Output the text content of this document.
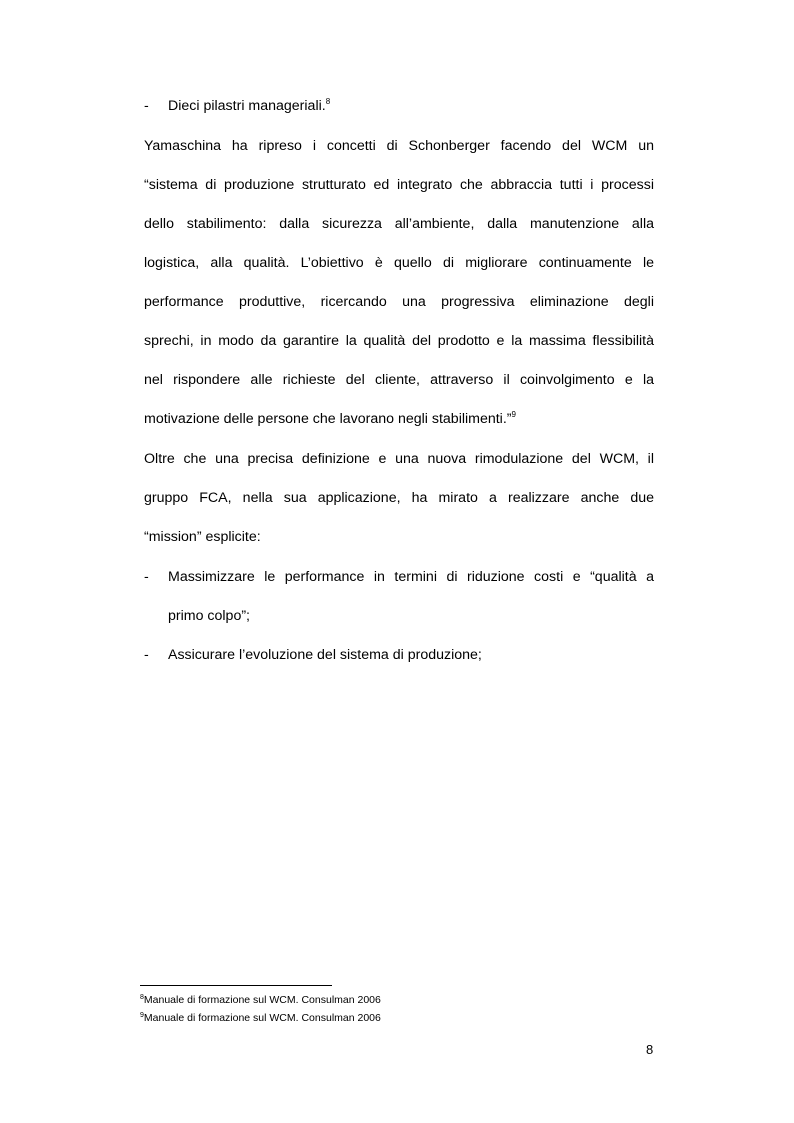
- Dieci pilastri manageriali.$^8$
Yamaschina ha ripreso i concetti di Schonberger facendo del WCM un
“sistema di produzione strutturato ed integrato che abbraccia tutti i processi
dello stabilimento: dalla sicurezza all’ambiente, dalla manutenzione alla
logistica, alla qualità. L’obiettivo è quello di migliorare continuamente le
performance produttive, ricercando una progressiva eliminazione degli
sprechi, in modo da garantire la qualità del prodotto e la massima flessibilità
nel rispondere alle richieste del cliente, attraverso il coinvolgimento e la
motivazione delle persone che lavorano negli stabilimenti.”$^9$
Oltre che una precisa definizione e una nuova rimodulazione del WCM, il
gruppo FCA, nella sua applicazione, ha mirato a realizzare anche due
“mission” esplicite:
- Massimizzare le performance in termini di riduzione costi e “qualità a
primo colpo”;
- Assicurare l’evoluzione del sistema di produzione;
$^8$Manuale di formazione sul WCM. Consulman 2006
$^9$Manuale di formazione sul WCM. Consulman 2006
8
